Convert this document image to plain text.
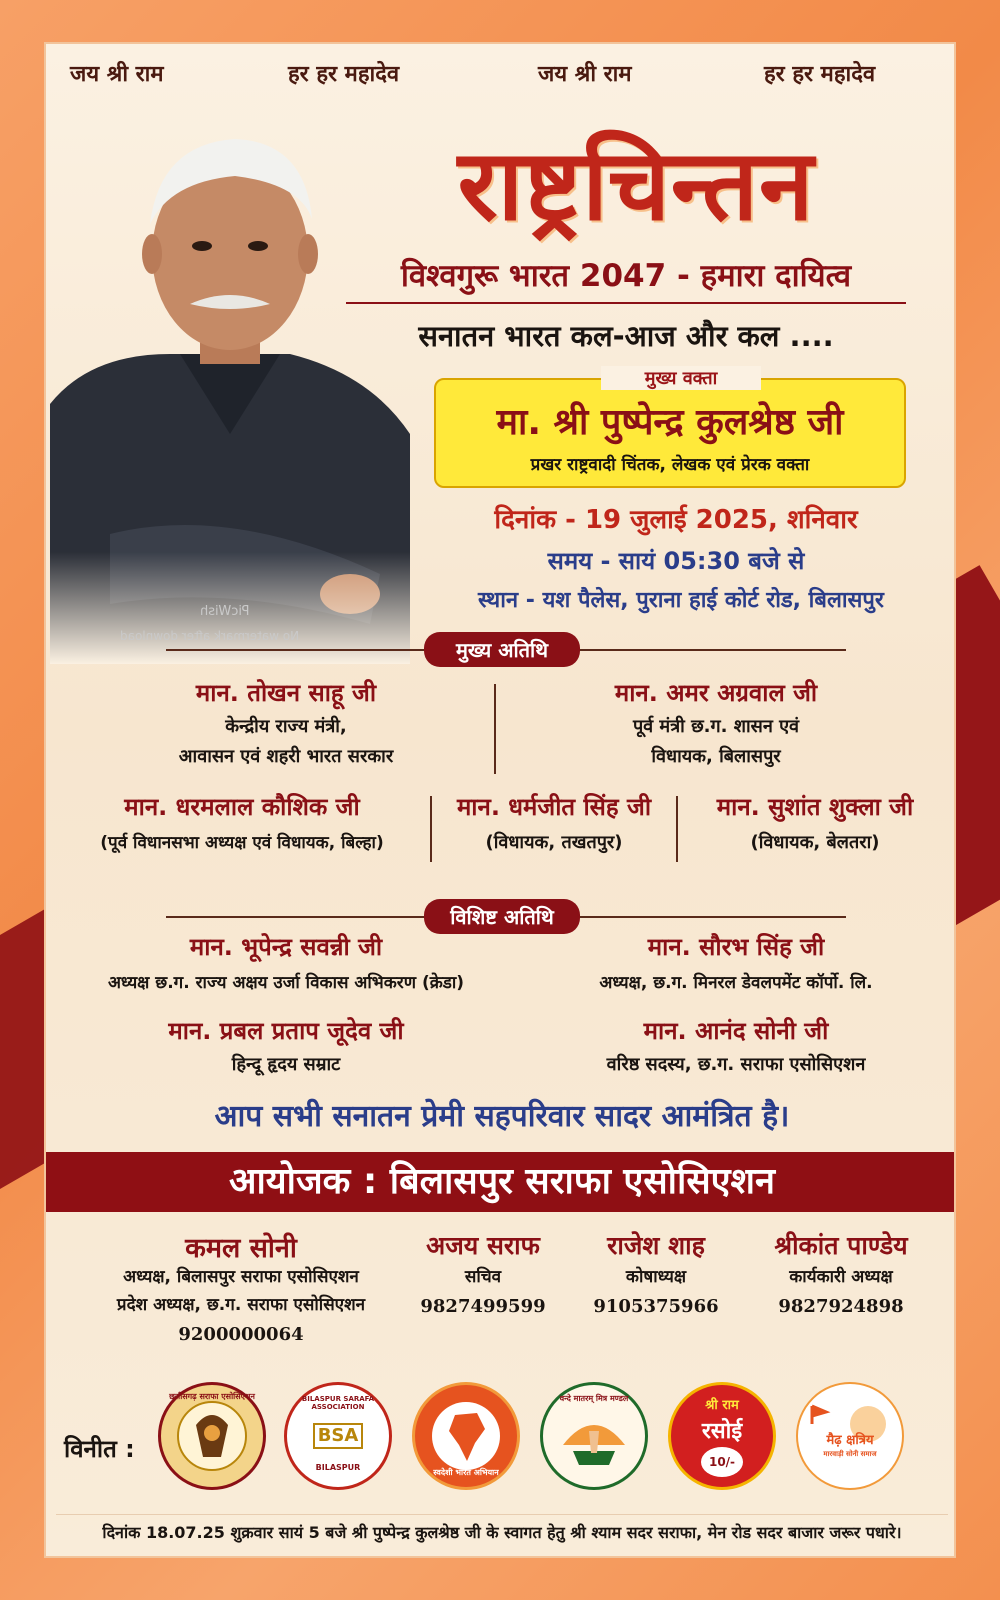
जय श्री राम	हर हर महादेव	जय श्री राम	हर हर महादेव
PicWish
No watermark after download
राष्ट्रचिन्तन
विश्वगुरू भारत 2047 - हमारा दायित्व
सनातन भारत कल-आज और कल ....
मुख्य वक्ता
मा. श्री पुष्पेन्द्र कुलश्रेष्ठ जी
प्रखर राष्ट्रवादी चिंतक, लेखक एवं प्रेरक वक्ता
दिनांक - 19 जुलाई 2025, शनिवार
समय - सायं 05:30 बजे से
स्थान - यश पैलेस, पुराना हाई कोर्ट रोड, बिलासपुर
मुख्य अतिथि
मान. तोखन साहू जी
केन्द्रीय राज्य मंत्री,
आवासन एवं शहरी भारत सरकार
मान. अमर अग्रवाल जी
पूर्व मंत्री छ.ग. शासन एवं
विधायक, बिलासपुर
मान. धरमलाल कौशिक जी
(पूर्व विधानसभा अध्यक्ष एवं विधायक, बिल्हा)
मान. धर्मजीत सिंह जी
(विधायक, तखतपुर)
मान. सुशांत शुक्ला जी
(विधायक, बेलतरा)
विशिष्ट अतिथि
मान. भूपेन्द्र सवन्नी जी
अध्यक्ष छ.ग. राज्य अक्षय उर्जा विकास अभिकरण (क्रेडा)
मान. सौरभ सिंह जी
अध्यक्ष, छ.ग. मिनरल डेवलपमेंट कॉर्पो. लि.
मान. प्रबल प्रताप जूदेव जी
हिन्दू हृदय सम्राट
मान. आनंद सोनी जी
वरिष्ठ सदस्य, छ.ग. सराफा एसोसिएशन
आप सभी सनातन प्रेमी सहपरिवार सादर आमंत्रित है।
आयोजक : बिलासपुर सराफा एसोसिएशन
कमल सोनी
अध्यक्ष, बिलासपुर सराफा एसोसिएशन
प्रदेश अध्यक्ष, छ.ग. सराफा एसोसिएशन
9200000064
अजय सराफ
सचिव
9827499599
राजेश शाह
कोषाध्यक्ष
9105375966
श्रीकांत पाण्डेय
कार्यकारी अध्यक्ष
9827924898
विनीत :
छत्तीसगढ़ सराफा एसोसिएशन	BILASPUR SARAFA ASSOCIATION
BSA
BILASPUR
स्वदेशी भारत अभियान
वन्दे मातरम् मित्र मण्डल	श्री राम
रसोई
10/-
मैढ़ क्षत्रिय
मारवाड़ी सोनी समाज
दिनांक 18.07.25 शुक्रवार सायं 5 बजे श्री पुष्पेन्द्र कुलश्रेष्ठ जी के स्वागत हेतु श्री श्याम सदर सराफा, मेन रोड सदर बाजार जरूर पधारे।
